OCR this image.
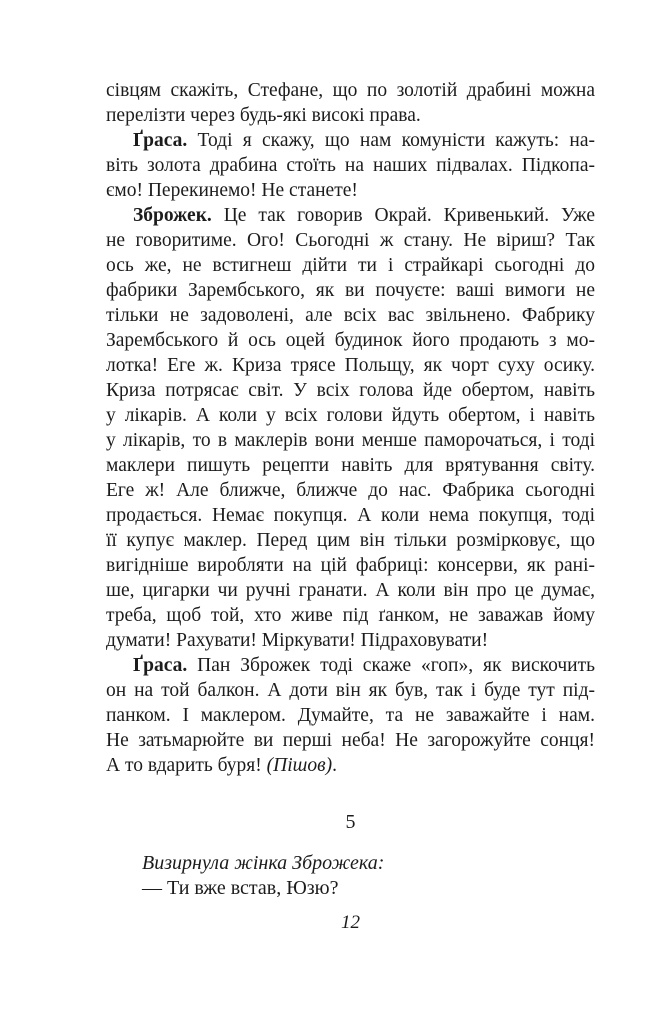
сівцям скажіть, Стефане, що по золотій драбині можна
перелізти через будь-які високі права.
Ґраса. Тоді я скажу, що нам комуністи кажуть: на-
віть золота драбина стоїть на наших підвалах. Підкопа-
ємо! Перекинемо! Не станете!
Зброжек. Це так говорив Окрай. Кривенький. Уже
не говоритиме. Ого! Сьогодні ж стану. Не віриш? Так
ось же, не встигнеш дійти ти і страйкарі сьогодні до
фабрики Зарембського, як ви почуєте: ваші вимоги не
тільки не задоволені, але всіх вас звільнено. Фабрику
Зарембського й ось оцей будинок його продають з мо-
лотка! Еге ж. Криза трясе Польщу, як чорт суху осику.
Криза потрясає світ. У всіх голова йде обертом, навіть
у лікарів. А коли у всіх голови йдуть обертом, і навіть
у лікарів, то в маклерів вони менше паморочаться, і тоді
маклери пишуть рецепти навіть для врятування світу.
Еге ж! Але ближче, ближче до нас. Фабрика сьогодні
продається. Немає покупця. А коли нема покупця, тоді
її купує маклер. Перед цим він тільки розмірковує, що
вигідніше виробляти на цій фабриці: консерви, як рані-
ше, цигарки чи ручні гранати. А коли він про це думає,
треба, щоб той, хто живе під ґанком, не заважав йому
думати! Рахувати! Міркувати! Підраховувати!
Ґраса. Пан Зброжек тоді скаже «гоп», як вискочить
он на той балкон. А доти він як був, так і буде тут під-
панком. І маклером. Думайте, та не заважайте і нам.
Не затьмарюйте ви перші неба! Не загорожуйте сонця!
А то вдарить буря! (Пішов).
5
Визирнула жінка Зброжека:
— Ти вже встав, Юзю?
12
